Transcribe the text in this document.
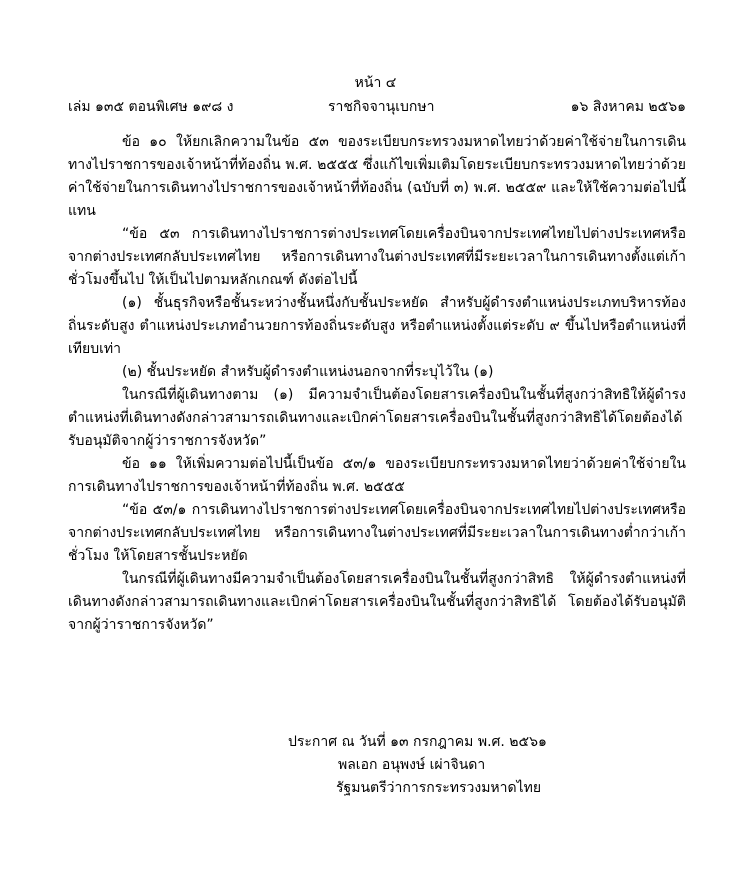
หน้า ๔
เล่ม ๑๓๕ ตอนพิเศษ ๑๙๘ ง	ราชกิจจานุเบกษา	๑๖ สิงหาคม ๒๕๖๑

ข้อ ๑๐ ให้ยกเลิกความในข้อ ๕๓ ของระเบียบกระทรวงมหาดไทยว่าด้วยค่าใช้จ่ายในการเดินทางไปราชการของเจ้าหน้าที่ท้องถิ่น พ.ศ. ๒๕๕๕ ซึ่งแก้ไขเพิ่มเติมโดยระเบียบกระทรวงมหาดไทยว่าด้วยค่าใช้จ่ายในการเดินทางไปราชการของเจ้าหน้าที่ท้องถิ่น (ฉบับที่ ๓) พ.ศ. ๒๕๕๙ และให้ใช้ความต่อไปนี้แทน

“ข้อ ๕๓ การเดินทางไปราชการต่างประเทศโดยเครื่องบินจากประเทศไทยไปต่างประเทศหรือจากต่างประเทศกลับประเทศไทย หรือการเดินทางในต่างประเทศที่มีระยะเวลาในการเดินทางตั้งแต่เก้าชั่วโมงขึ้นไป ให้เป็นไปตามหลักเกณฑ์ ดังต่อไปนี้

(๑) ชั้นธุรกิจหรือชั้นระหว่างชั้นหนึ่งกับชั้นประหยัด สำหรับผู้ดำรงตำแหน่งประเภทบริหารท้องถิ่นระดับสูง ตำแหน่งประเภทอำนวยการท้องถิ่นระดับสูง หรือตำแหน่งตั้งแต่ระดับ ๙ ขึ้นไปหรือตำแหน่งที่เทียบเท่า

(๒) ชั้นประหยัด สำหรับผู้ดำรงตำแหน่งนอกจากที่ระบุไว้ใน (๑)

ในกรณีที่ผู้เดินทางตาม (๑) มีความจำเป็นต้องโดยสารเครื่องบินในชั้นที่สูงกว่าสิทธิให้ผู้ดำรงตำแหน่งที่เดินทางดังกล่าวสามารถเดินทางและเบิกค่าโดยสารเครื่องบินในชั้นที่สูงกว่าสิทธิได้โดยต้องได้รับอนุมัติจากผู้ว่าราชการจังหวัด”

ข้อ ๑๑ ให้เพิ่มความต่อไปนี้เป็นข้อ ๕๓/๑ ของระเบียบกระทรวงมหาดไทยว่าด้วยค่าใช้จ่ายในการเดินทางไปราชการของเจ้าหน้าที่ท้องถิ่น พ.ศ. ๒๕๕๕

“ข้อ ๕๓/๑ การเดินทางไปราชการต่างประเทศโดยเครื่องบินจากประเทศไทยไปต่างประเทศหรือจากต่างประเทศกลับประเทศไทย หรือการเดินทางในต่างประเทศที่มีระยะเวลาในการเดินทางต่ำกว่าเก้าชั่วโมง ให้โดยสารชั้นประหยัด

ในกรณีที่ผู้เดินทางมีความจำเป็นต้องโดยสารเครื่องบินในชั้นที่สูงกว่าสิทธิ ให้ผู้ดำรงตำแหน่งที่เดินทางดังกล่าวสามารถเดินทางและเบิกค่าโดยสารเครื่องบินในชั้นที่สูงกว่าสิทธิได้ โดยต้องได้รับอนุมัติจากผู้ว่าราชการจังหวัด”

ประกาศ ณ วันที่ ๑๓ กรกฎาคม พ.ศ. ๒๕๖๑
พลเอก อนุพงษ์ เผ่าจินดา
รัฐมนตรีว่าการกระทรวงมหาดไทย
